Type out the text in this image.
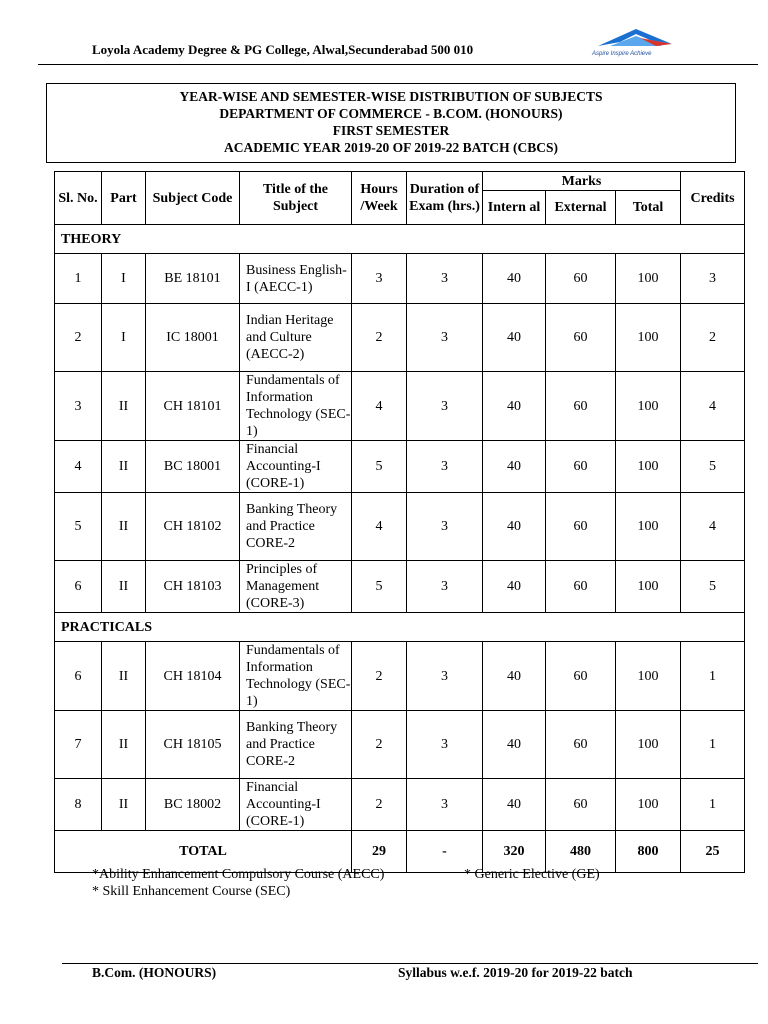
Loyola Academy Degree & PG College, Alwal,Secunderabad 500 010	Aspire Inspire Achieve
YEAR-WISE AND SEMESTER-WISE DISTRIBUTION OF SUBJECTS
DEPARTMENT OF COMMERCE - B.COM. (HONOURS)
FIRST SEMESTER
ACADEMIC YEAR 2019-20 OF 2019-22 BATCH (CBCS)
Sl. No.	Part	Subject Code	Title of the Subject	Hours /Week	Duration of Exam (hrs.)	Marks			Credits
						Intern al	External	Total	
THEORY									
1	I	BE 18101	Business English-I (AECC-1)	3	3	40	60	100	3
2	I	IC 18001	Indian Heritage and Culture (AECC-2)	2	3	40	60	100	2
3	II	CH 18101	Fundamentals of Information Technology (SEC-1)	4	3	40	60	100	4
4	II	BC 18001	Financial Accounting-I (CORE-1)	5	3	40	60	100	5
5	II	CH 18102	Banking Theory and Practice CORE-2	4	3	40	60	100	4
6	II	CH 18103	Principles of Management (CORE-3)	5	3	40	60	100	5
PRACTICALS									
6	II	CH 18104	Fundamentals of Information Technology (SEC-1)	2	3	40	60	100	1
7	II	CH 18105	Banking Theory and Practice CORE-2	2	3	40	60	100	1
8	II	BC 18002	Financial Accounting-I (CORE-1)	2	3	40	60	100	1
TOTAL				29	-	320	480	800	25
*Ability Enhancement Compulsory Course (AECC)	* Generic Elective (GE)
* Skill Enhancement Course (SEC)
B.Com. (HONOURS)	Syllabus w.e.f. 2019-20 for 2019-22 batch
